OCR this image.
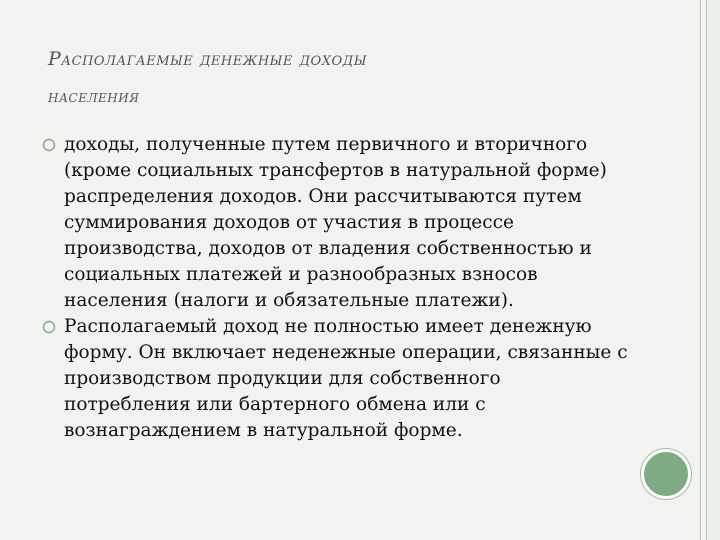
Располагаемые денежные доходы
населения
доходы, полученные путем первичного и вторичного (кроме социальных трансфертов в натуральной форме) распределения доходов. Они рассчитываются путем суммирования доходов от участия в процессе производства, доходов от владения собственностью и социальных платежей и разнообразных взносов населения (налоги и обязательные платежи).
Располагаемый доход не полностью имеет денежную форму. Он включает неденежные операции, связанные с производством продукции для собственного потребления или бартерного обмена или с вознаграждением в натуральной форме.
